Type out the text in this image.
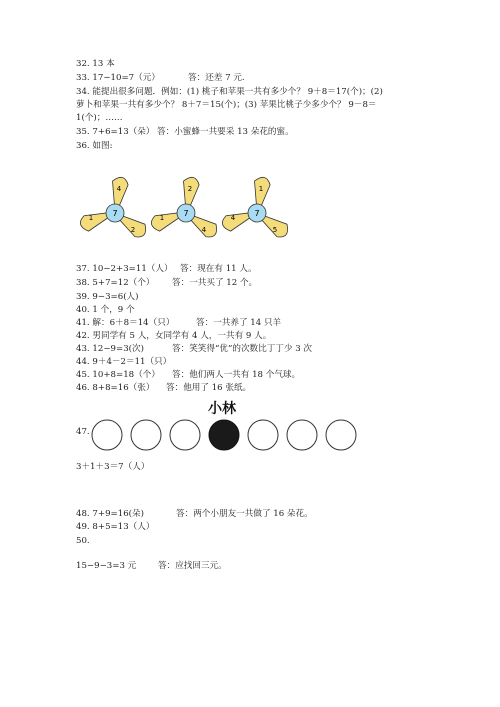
32. 13 本
33. 17−10=7（元）	答：还差 7 元.
34. 能提出很多问题．例如：(1) 桃子和苹果一共有多少个？ 9＋8＝17(个)；(2)
萝卜和苹果一共有多少个？ 8＋7＝15(个)；(3) 苹果比桃子少多少个？ 9－8＝
1(个)；……
35. 7+6=13（朵） 答：小蜜蜂一共要采 13 朵花的蜜。
36. 如图:
7
4
1
2
7
2
1
4
7
1
4
5
37. 10−2+3=11（人） 答：现在有 11 人。
38. 5+7=12（个） 答：一共买了 12 个。
39. 9−3=6(人)
40. 1 个，9 个
41. 解：6＋8＝14（只）	答：一共养了 14 只羊
42. 男同学有 5 人，女同学有 4 人，一共有 9 人。
43. 12−9=3(次)	答：笑笑得“优”的次数比丁丁少 3 次
44. 9＋4－2＝11（只）
45. 10+8=18（个） 答：他们两人一共有 18 个气球。
46. 8+8=16（张） 答：他用了 16 张纸。
小林
47.
3＋1＋3＝7（人）
48. 7+9=16(朵)	答：两个小朋友一共做了 16 朵花。
49. 8+5=13（人）
50.
15−9−3=3 元	答：应找回三元。
